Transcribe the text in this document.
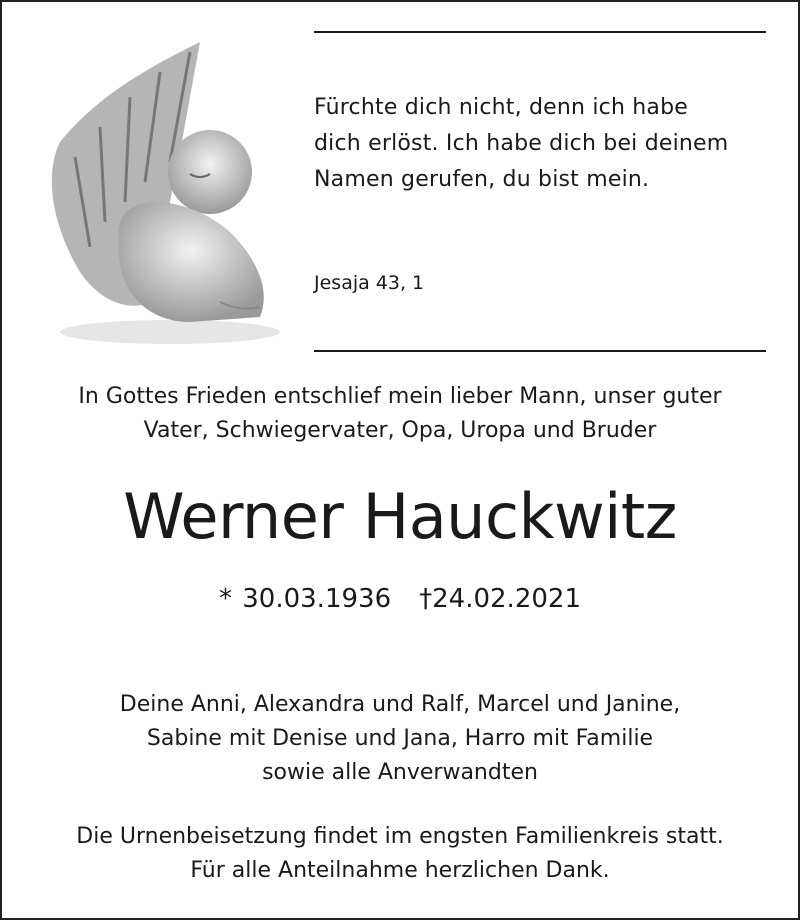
Fürchte dich nicht, denn ich habe
dich erlöst. Ich habe dich bei deinem
Namen gerufen, du bist mein.
Jesaja 43, 1
In Gottes Frieden entschlief mein lieber Mann, unser guter
Vater, Schwiegervater, Opa, Uropa und Bruder
Werner Hauckwitz
* 30.03.1936 †24.02.2021
Deine Anni, Alexandra und Ralf, Marcel und Janine,
Sabine mit Denise und Jana, Harro mit Familie
sowie alle Anverwandten
Die Urnenbeisetzung findet im engsten Familienkreis statt.
Für alle Anteilnahme herzlichen Dank.
